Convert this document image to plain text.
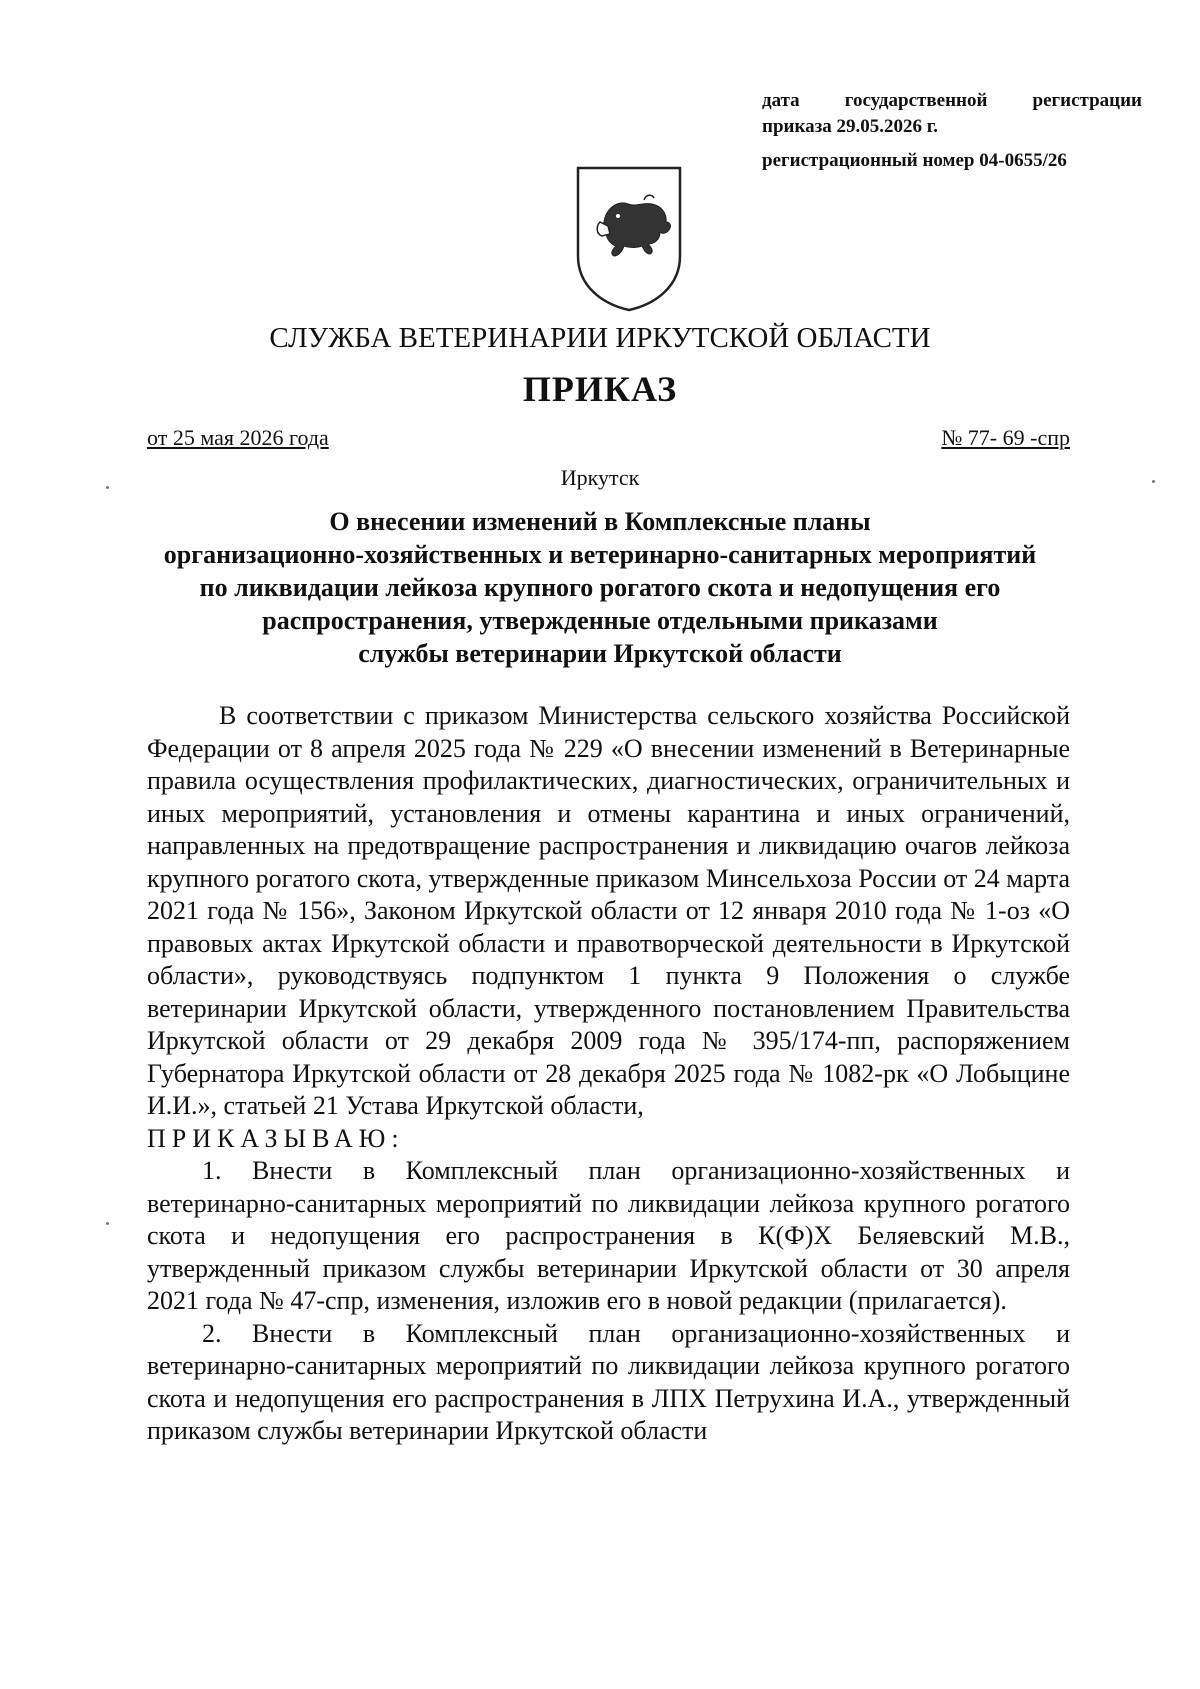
дата государственной регистрации
приказа 29.05.2026 г.
регистрационный номер 04-0655/26
СЛУЖБА ВЕТЕРИНАРИИ ИРКУТСКОЙ ОБЛАСТИ
ПРИКАЗ
от 25 мая 2026 года	№ 77- 69 -спр
Иркутск
О внесении изменений в Комплексные планы
организационно-хозяйственных и ветеринарно-санитарных мероприятий
по ликвидации лейкоза крупного рогатого скота и недопущения его
распространения, утвержденные отдельными приказами
службы ветеринарии Иркутской области

В соответствии с приказом Министерства сельского хозяйства Российской Федерации от 8 апреля 2025 года № 229 «О внесении изменений в Ветеринарные правила осуществления профилактических, диагностических, ограничительных и иных мероприятий, установления и отмены карантина и иных ограничений, направленных на предотвращение распространения и ликвидацию очагов лейкоза крупного рогатого скота, утвержденные приказом Минсельхоза России от 24 марта 2021 года № 156», Законом Иркутской области от 12 января 2010 года № 1-оз «О правовых актах Иркутской области и правотворческой деятельности в Иркутской области», руководствуясь подпунктом 1 пункта 9 Положения о службе ветеринарии Иркутской области, утвержденного постановлением Правительства Иркутской области от 29 декабря 2009 года № 395/174-пп, распоряжением Губернатора Иркутской области от 28 декабря 2025 года № 1082-рк «О Лобыцине И.И.», статьей 21 Устава Иркутской области,

ПРИКАЗЫВАЮ:

1. Внести в Комплексный план организационно-хозяйственных и ветеринарно-санитарных мероприятий по ликвидации лейкоза крупного рогатого скота и недопущения его распространения в К(Ф)Х Беляевский М.В., утвержденный приказом службы ветеринарии Иркутской области от 30 апреля 2021 года № 47-спр, изменения, изложив его в новой редакции (прилагается).

2. Внести в Комплексный план организационно-хозяйственных и ветеринарно-санитарных мероприятий по ликвидации лейкоза крупного рогатого скота и недопущения его распространения в ЛПХ Петрухина И.А., утвержденный приказом службы ветеринарии Иркутской области
